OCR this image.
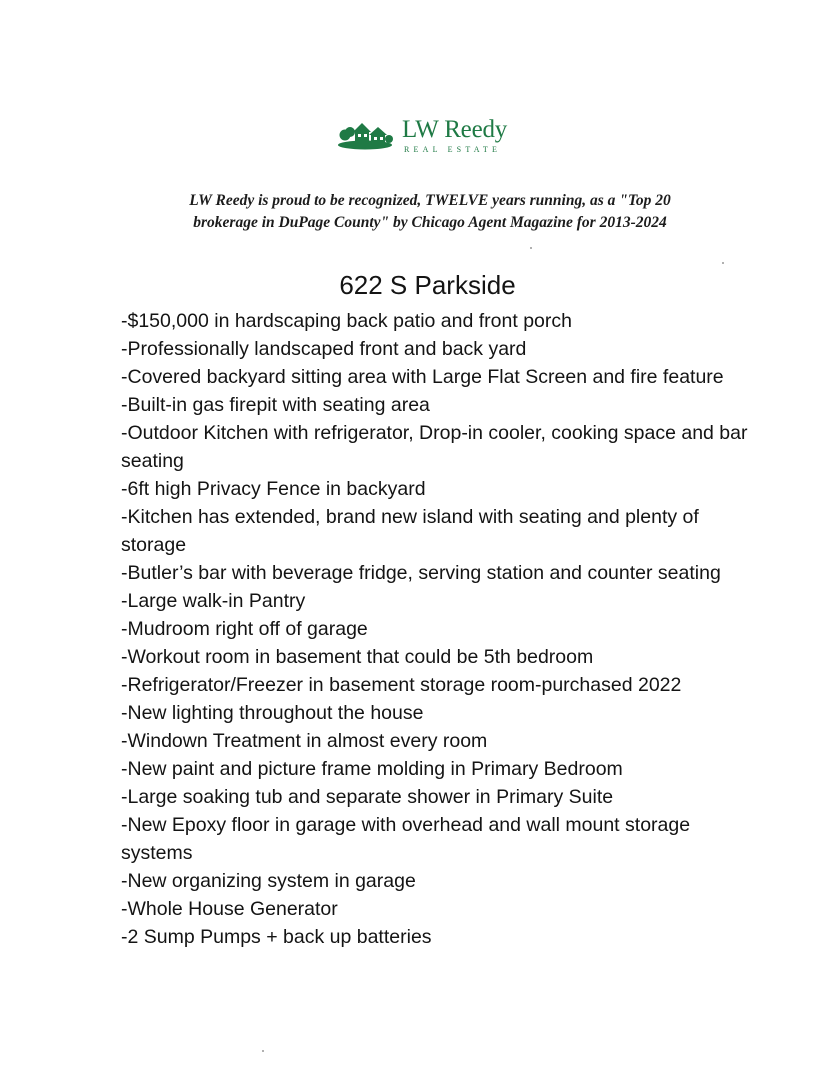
LW Reedy
REAL ESTATE

LW Reedy is proud to be recognized, TWELVE years running, as a "Top 20
brokerage in DuPage County" by Chicago Agent Magazine for 2013-2024

622 S Parkside
-$150,000 in hardscaping back patio and front porch
-Professionally landscaped front and back yard
-Covered backyard sitting area with Large Flat Screen and fire feature
-Built-in gas firepit with seating area
-Outdoor Kitchen with refrigerator, Drop-in cooler, cooking space and bar seating
-6ft high Privacy Fence in backyard
-Kitchen has extended, brand new island with seating and plenty of storage
-Butler’s bar with beverage fridge, serving station and counter seating
-Large walk-in Pantry
-Mudroom right off of garage
-Workout room in basement that could be 5th bedroom
-Refrigerator/Freezer in basement storage room-purchased 2022
-New lighting throughout the house
-Windown Treatment in almost every room
-New paint and picture frame molding in Primary Bedroom
-Large soaking tub and separate shower in Primary Suite
-New Epoxy floor in garage with overhead and wall mount storage systems
-New organizing system in garage
-Whole House Generator
-2 Sump Pumps + back up batteries
